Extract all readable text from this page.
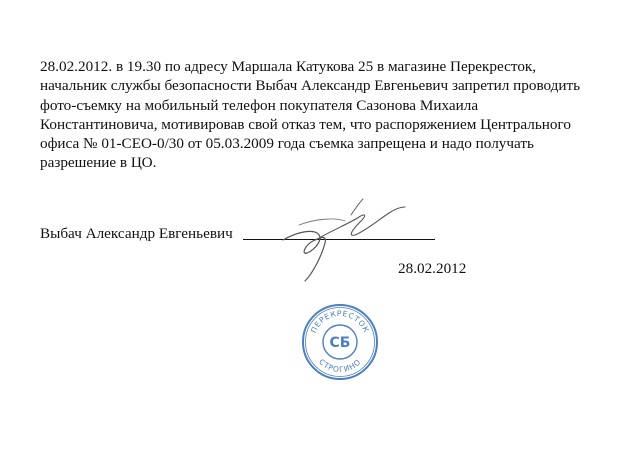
28.02.2012. в 19.30 по адресу Маршала Катукова 25 в магазине Перекресток,
начальник службы безопасности Выбач Александр Евгеньевич запретил проводить
фото-съемку на мобильный телефон покупателя Сазонова Михаила
Константиновича, мотивировав свой отказ тем, что распоряжением Центрального
офиса № 01-CEO-0/30 от 05.03.2009 года съемка запрещена и надо получать
разрешение в ЦО.
Выбач Александр Евгеньевич
28.02.2012
ПЕРЕКРЕСТОК
СТРОГИНО
СБ
